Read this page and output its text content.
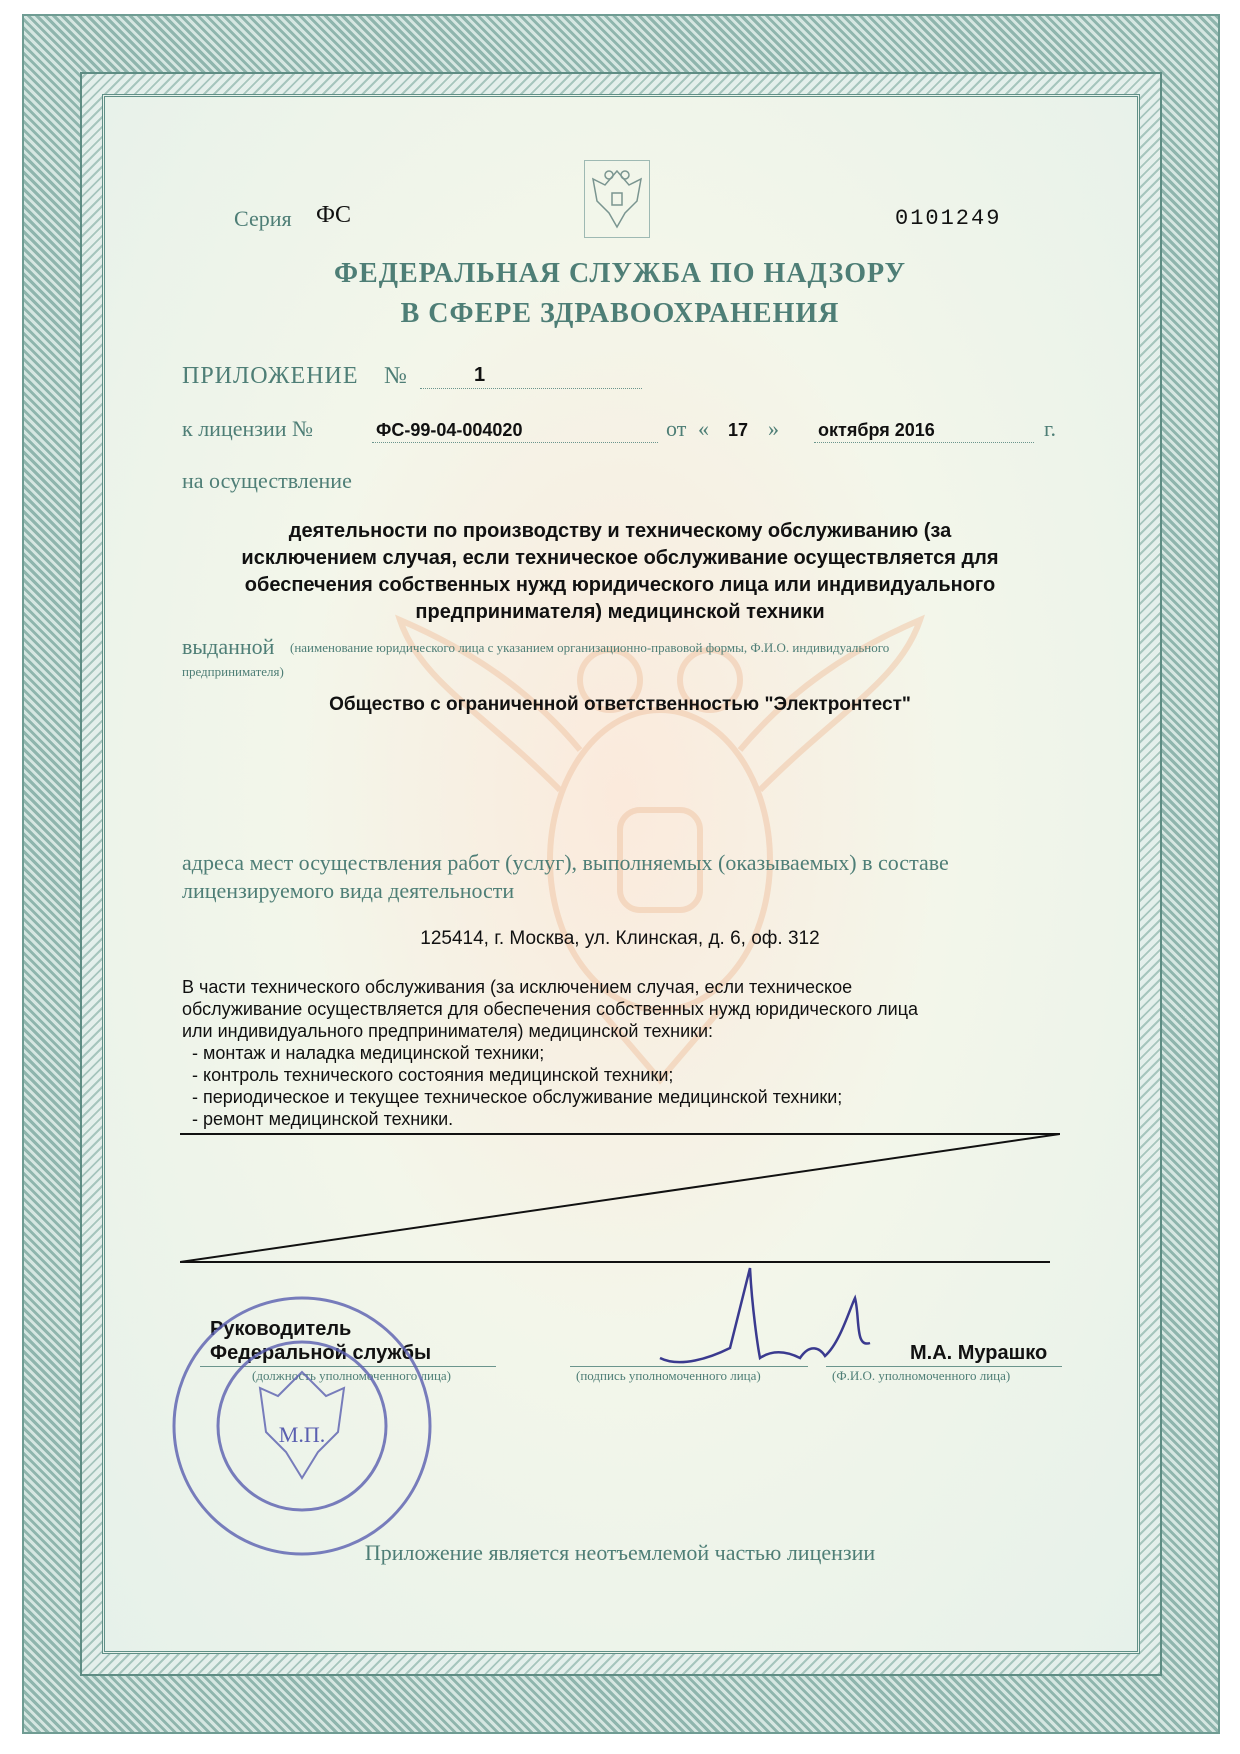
Серия ФС	0101249
ФЕДЕРАЛЬНАЯ СЛУЖБА ПО НАДЗОРУ
В СФЕРЕ ЗДРАВООХРАНЕНИЯ
ПРИЛОЖЕНИЕ №	1
к лицензии №	ФС-99-04-004020	от « 17 » октября 2016	г.
на осуществление
деятельности по производству и техническому обслуживанию (за
исключением случая, если техническое обслуживание осуществляется для
обеспечения собственных нужд юридического лица или индивидуального
предпринимателя) медицинской техники
выданной (наименование юридического лица с указанием организационно-правовой формы, Ф.И.О. индивидуального
предпринимателя)
Общество с ограниченной ответственностью "Электронтест"
адреса мест осуществления работ (услуг), выполняемых (оказываемых) в составе
лицензируемого вида деятельности
125414, г. Москва, ул. Клинская, д. 6, оф. 312
В части технического обслуживания (за исключением случая, если техническое
обслуживание осуществляется для обеспечения собственных нужд юридического лица
или индивидуального предпринимателя) медицинской техники:
- монтаж и наладка медицинской техники;
- контроль технического состояния медицинской техники;
- периодическое и текущее техническое обслуживание медицинской техники;
- ремонт медицинской техники.
Руководитель
Федеральной службы
(должность уполномоченного лица)	(подпись уполномоченного лица)
М.А. Мурашко
(Ф.И.О. уполномоченного лица)
М.П.
Приложение является неотъемлемой частью лицензии
